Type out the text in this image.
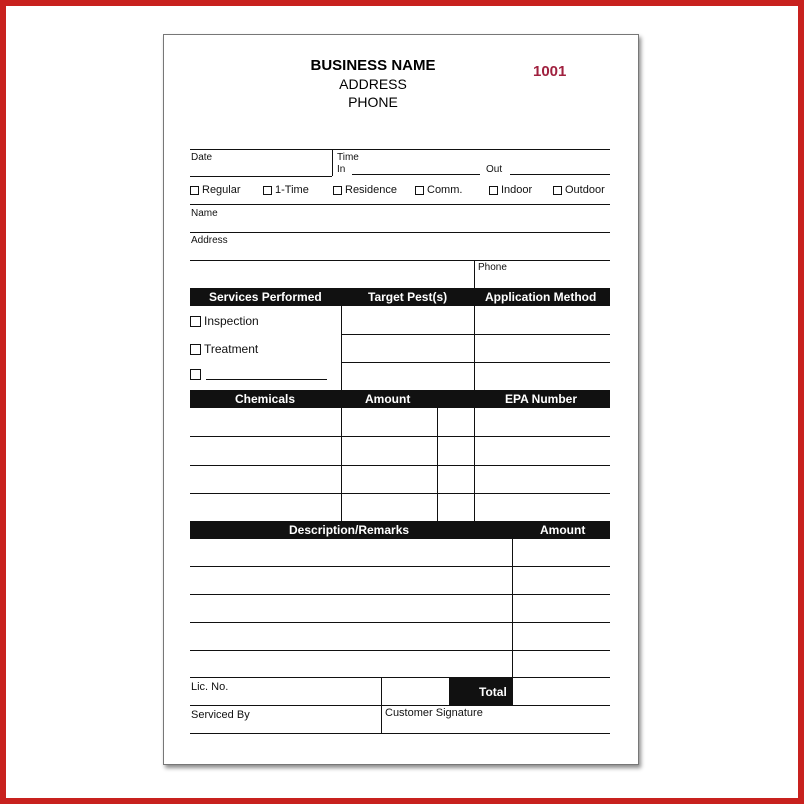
BUSINESS NAME
ADDRESS
PHONE
1001
Date	Time
In	Out
Regular	1-Time	Residence	Comm.	Indoor	Outdoor
Name
Address
Phone
Services Performed	Target Pest(s)	Application Method
Inspection
Treatment
Chemicals	Amount	EPA Number
Description/Remarks	Amount
Lic. No.	Total
Serviced By	Customer Signature
